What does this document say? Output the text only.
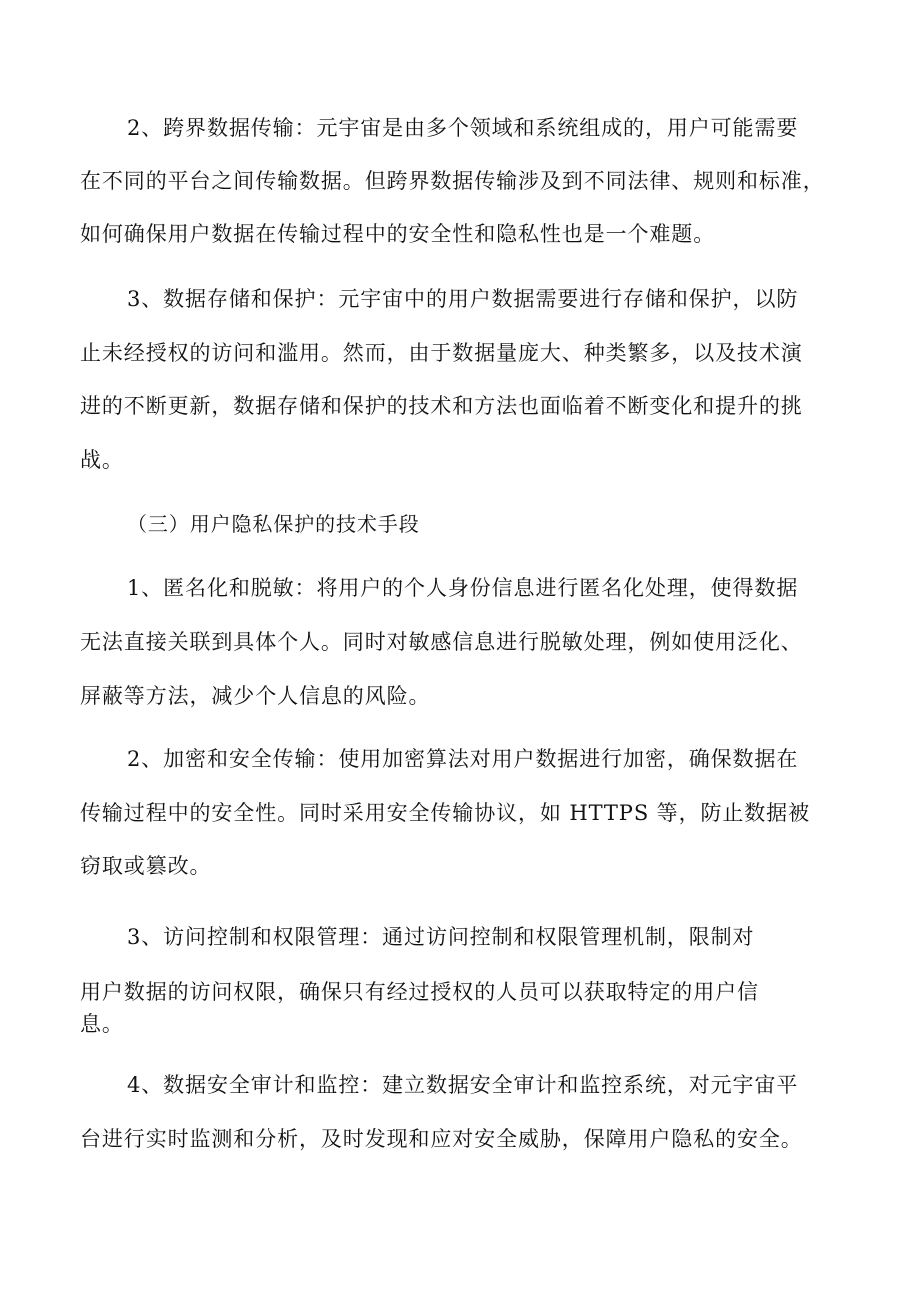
2、跨界数据传输：元宇宙是由多个领域和系统组成的，用户可能需要
在不同的平台之间传输数据。但跨界数据传输涉及到不同法律、规则和标准，
如何确保用户数据在传输过程中的安全性和隐私性也是一个难题。
3、数据存储和保护：元宇宙中的用户数据需要进行存储和保护，以防
止未经授权的访问和滥用。然而，由于数据量庞大、种类繁多，以及技术演
进的不断更新，数据存储和保护的技术和方法也面临着不断变化和提升的挑
战。
（三）用户隐私保护的技术手段
1、匿名化和脱敏：将用户的个人身份信息进行匿名化处理，使得数据
无法直接关联到具体个人。同时对敏感信息进行脱敏处理，例如使用泛化、
屏蔽等方法，减少个人信息的风险。
2、加密和安全传输：使用加密算法对用户数据进行加密，确保数据在
传输过程中的安全性。同时采用安全传输协议，如 HTTPS 等，防止数据被
窃取或篡改。
3、访问控制和权限管理：通过访问控制和权限管理机制，限制对
用户数据的访问权限，确保只有经过授权的人员可以获取特定的用户信
息。
4、数据安全审计和监控：建立数据安全审计和监控系统，对元宇宙平
台进行实时监测和分析，及时发现和应对安全威胁，保障用户隐私的安全。
